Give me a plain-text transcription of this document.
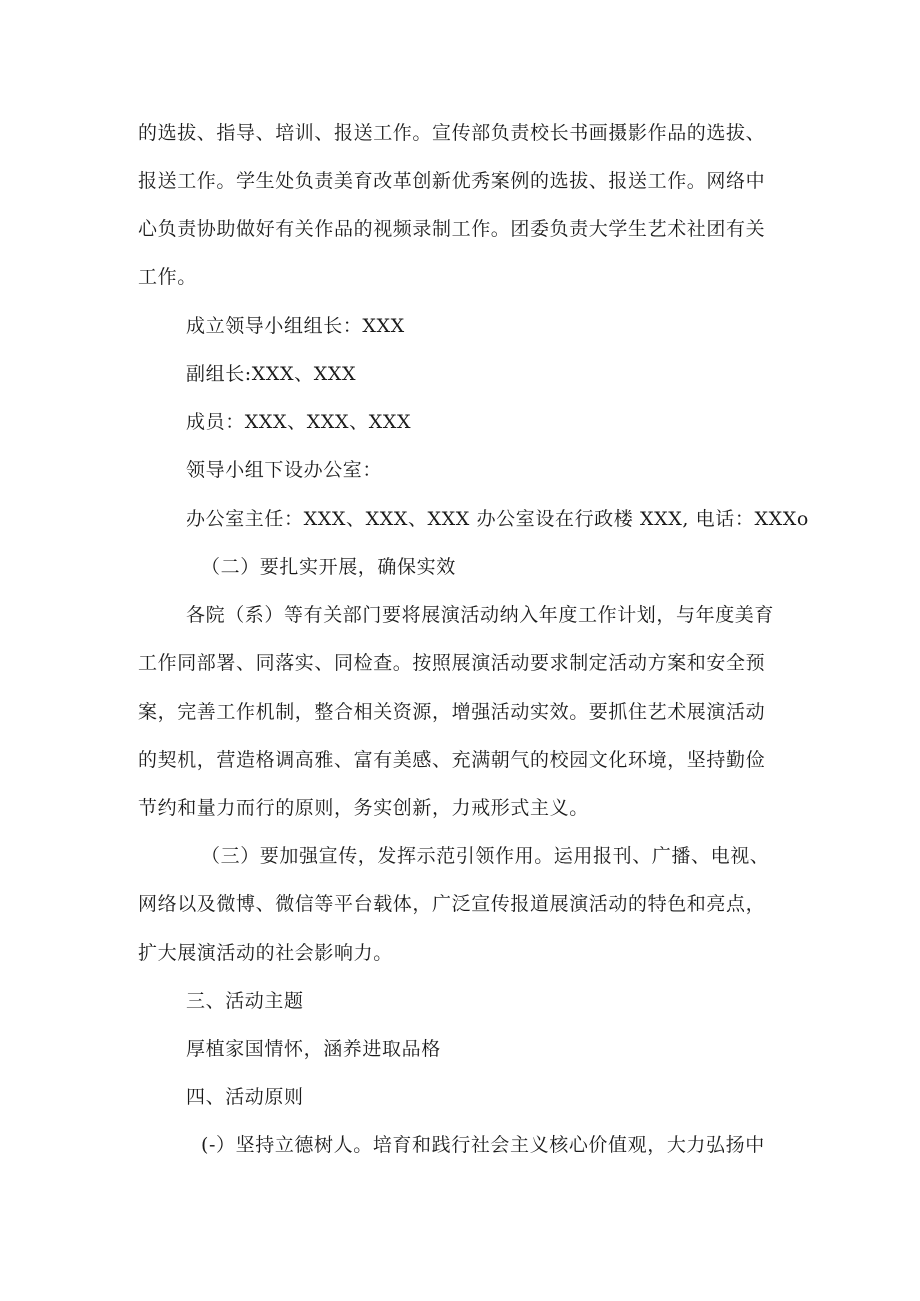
的选拔、指导、培训、报送工作。宣传部负责校长书画摄影作品的选拔、
报送工作。学生处负责美育改革创新优秀案例的选拔、报送工作。网络中
心负责协助做好有关作品的视频录制工作。团委负责大学生艺术社团有关
工作。
成立领导小组组长：XXX
副组长:XXX、XXX
成员：XXX、XXX、XXX
领导小组下设办公室：
办公室主任：XXX、XXX、XXX 办公室设在行政楼 XXX, 电话：XXXo
（二）要扎实开展，确保实效
各院（系）等有关部门要将展演活动纳入年度工作计划，与年度美育
工作同部署、同落实、同检查。按照展演活动要求制定活动方案和安全预
案，完善工作机制，整合相关资源，增强活动实效。要抓住艺术展演活动
的契机，营造格调高雅、富有美感、充满朝气的校园文化环境，坚持勤俭
节约和量力而行的原则，务实创新，力戒形式主义。
（三）要加强宣传，发挥示范引领作用。运用报刊、广播、电视、
网络以及微博、微信等平台载体，广泛宣传报道展演活动的特色和亮点，
扩大展演活动的社会影响力。
三、活动主题
厚植家国情怀，涵养进取品格
四、活动原则
(-）坚持立德树人。培育和践行社会主义核心价值观，大力弘扬中
